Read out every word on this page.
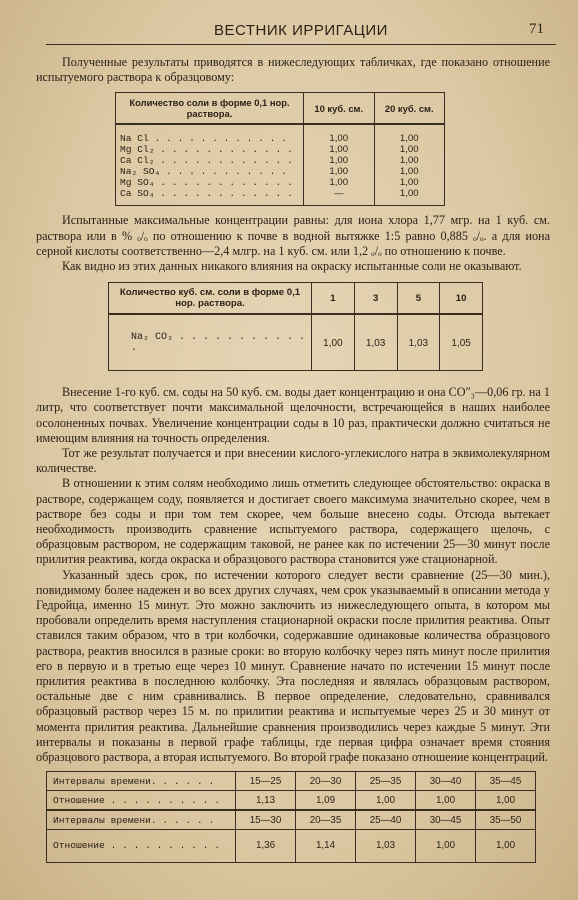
ВЕСТНИК ИРРИГАЦИИ	71

Полученные результаты приводятся в нижеследующих табличках, где показано отношение испытуемого раствора к образцовому:

Количество соли в форме 0,1 нор. раствора.	10 куб. см.	20 куб. см.
Na Cl . . . . . . . . . . . .	1,00	1,00
Mg Cl₂ . . . . . . . . . . . .	1,00	1,00
Ca Cl₂ . . . . . . . . . . . .	1,00	1,00
Na₂ SO₄ . . . . . . . . . . .	1,00	1,00
Mg SO₄ . . . . . . . . . . . .	1,00	1,00
Ca SO₄ . . . . . . . . . . . .	—	1,00

Испытанные максимальные концентрации равны: для иона хлора 1,77 мгр. на 1 куб. см. раствора или в % ₒ/ₒ по отношению к почве в водной вытяжке 1:5 равно 0,885 ₒ/ₒ. а для иона серной кислоты соответственно—2,4 млгр. на 1 куб. см. или 1,2 ₒ/ₒ по отношению к почве.

Как видно из этих данных никакого влияния на окраску испытанные соли не оказывают.

Количество куб. см. соли в форме 0,1 нор. раствора.	1	3	5	10
Na₂ CO₃ . . . . . . . . . . . .	1,00	1,03	1,03	1,05

Внесение 1-го куб. см. соды на 50 куб. см. воды дает концентрацию и она CO″₃—0,06 гр. на 1 литр, что соответствует почти максимальной щелочности, встречающейся в наших наиболее осолоненных почвах. Увеличение концентрации соды в 10 раз, практически должно считаться не имеющим влияния на точность определения.

Тот же результат получается и при внесении кислого-углекислого натра в эквимолекулярном количестве.

В отношении к этим солям необходимо лишь отметить следующее обстоятельство: окраска в растворе, содержащем соду, появляется и достигает своего максимума значительно скорее, чем в растворе без соды и при том тем скорее, чем больше внесено соды. Отсюда вытекает необходимость производить сравнение испытуемого раствора, содержащего щелочь, с образцовым раствором, не содержащим таковой, не ранее как по истечении 25—30 минут после прилития реактива, когда окраска и образцового раствора становится уже стационарной.

Указанный здесь срок, по истечении которого следует вести сравнение (25—30 мин.), повидимому более надежен и во всех других случаях, чем срок указываемый в описании метода у Гедройца, именно 15 минут. Это можно заключить из нижеследующего опыта, в котором мы пробовали определить время наступления стационарной окраски после прилития реактива. Опыт ставился таким образом, что в три колбочки, содержавшие одинаковые количества образцового раствора, реактив вносился в разные сроки: во вторую колбочку через пять минут после прилития его в первую и в третью еще через 10 минут. Сравнение начато по истечении 15 минут после прилития реактива в последнюю колбочку. Эта последняя и являлась образцовым раствором, остальные две с ним сравнивались. В первое определение, следовательно, сравнивался образцовый раствор через 15 м. по прилитии реактива и испытуемые через 25 и 30 минут от момента прилития реактива. Дальнейшие сравнения производились через каждые 5 минут. Эти интервалы и показаны в первой графе таблицы, где первая цифра означает время стояния образцового раствора, а вторая испытуемого. Во второй графе показано отношение концентраций.

Интервалы времени. . . . . .	15—25	20—30	25—35	30—40	35—45
Отношение . . . . . . . . . .	1,13	1,09	1,00	1,00	1,00
Интервалы времени. . . . . .	15—30	20—35	25—40	30—45	35—50
Отношение . . . . . . . . . .	1,36	1,14	1,03	1,00	1,00
